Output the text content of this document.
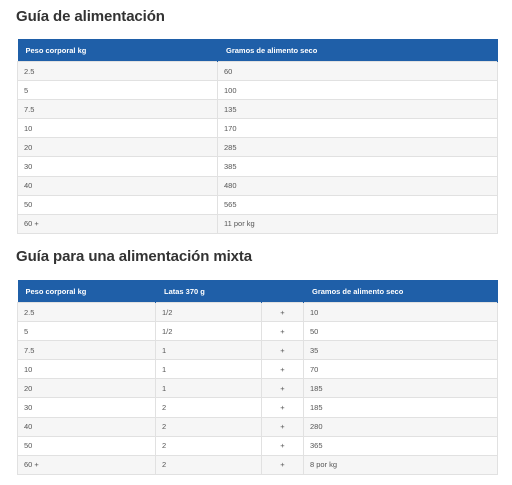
Guía de alimentación
Peso corporal kg	Gramos de alimento seco
2.5	60
5	100
7.5	135
10	170
20	285
30	385
40	480
50	565
60 +	11 por kg
Guía para una alimentación mixta
Peso corporal kg	Latas 370 g		Gramos de alimento seco
2.5	1/2	+	10
5	1/2	+	50
7.5	1	+	35
10	1	+	70
20	1	+	185
30	2	+	185
40	2	+	280
50	2	+	365
60 +	2	+	8 por kg
